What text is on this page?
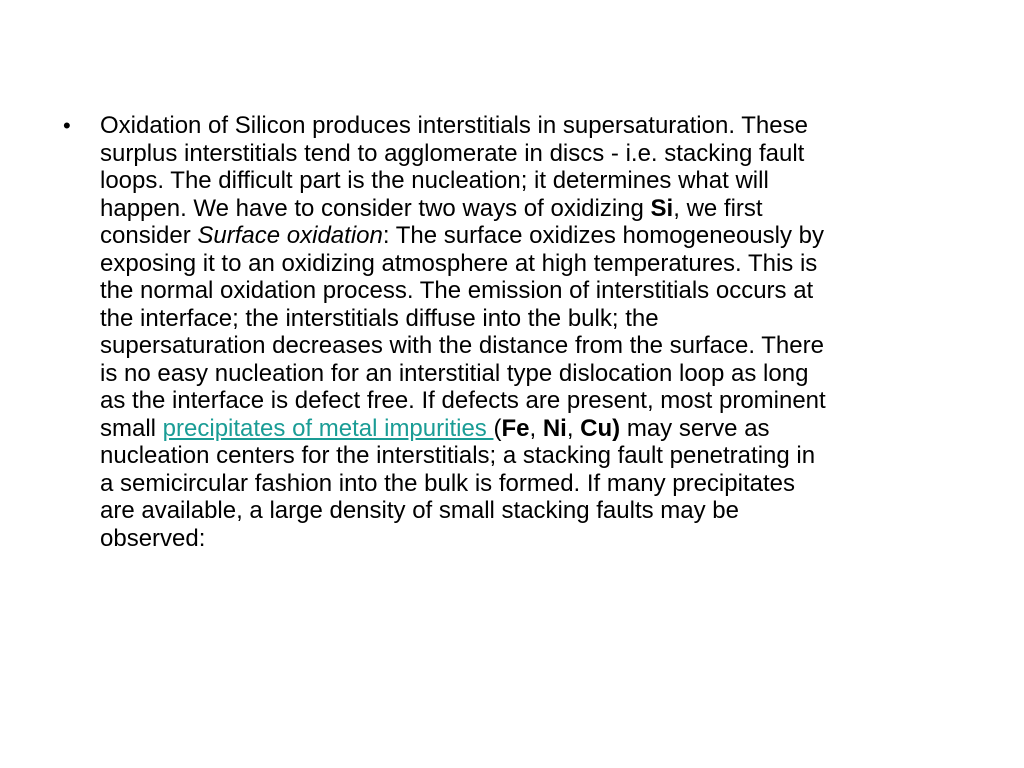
•	Oxidation of Silicon produces interstitials in supersaturation. These
surplus interstitials tend to agglomerate in discs - i.e. stacking fault
loops. The difficult part is the nucleation; it determines what will
happen. We have to consider two ways of oxidizing Si, we first
consider Surface oxidation: The surface oxidizes homogeneously by
exposing it to an oxidizing atmosphere at high temperatures. This is
the normal oxidation process. The emission of interstitials occurs at
the interface; the interstitials diffuse into the bulk; the
supersaturation decreases with the distance from the surface. There
is no easy nucleation for an interstitial type dislocation loop as long
as the interface is defect free. If defects are present, most prominent
small precipitates of metal impurities (Fe, Ni, Cu) may serve as
nucleation centers for the interstitials; a stacking fault penetrating in
a semicircular fashion into the bulk is formed. If many precipitates
are available, a large density of small stacking faults may be
observed:
